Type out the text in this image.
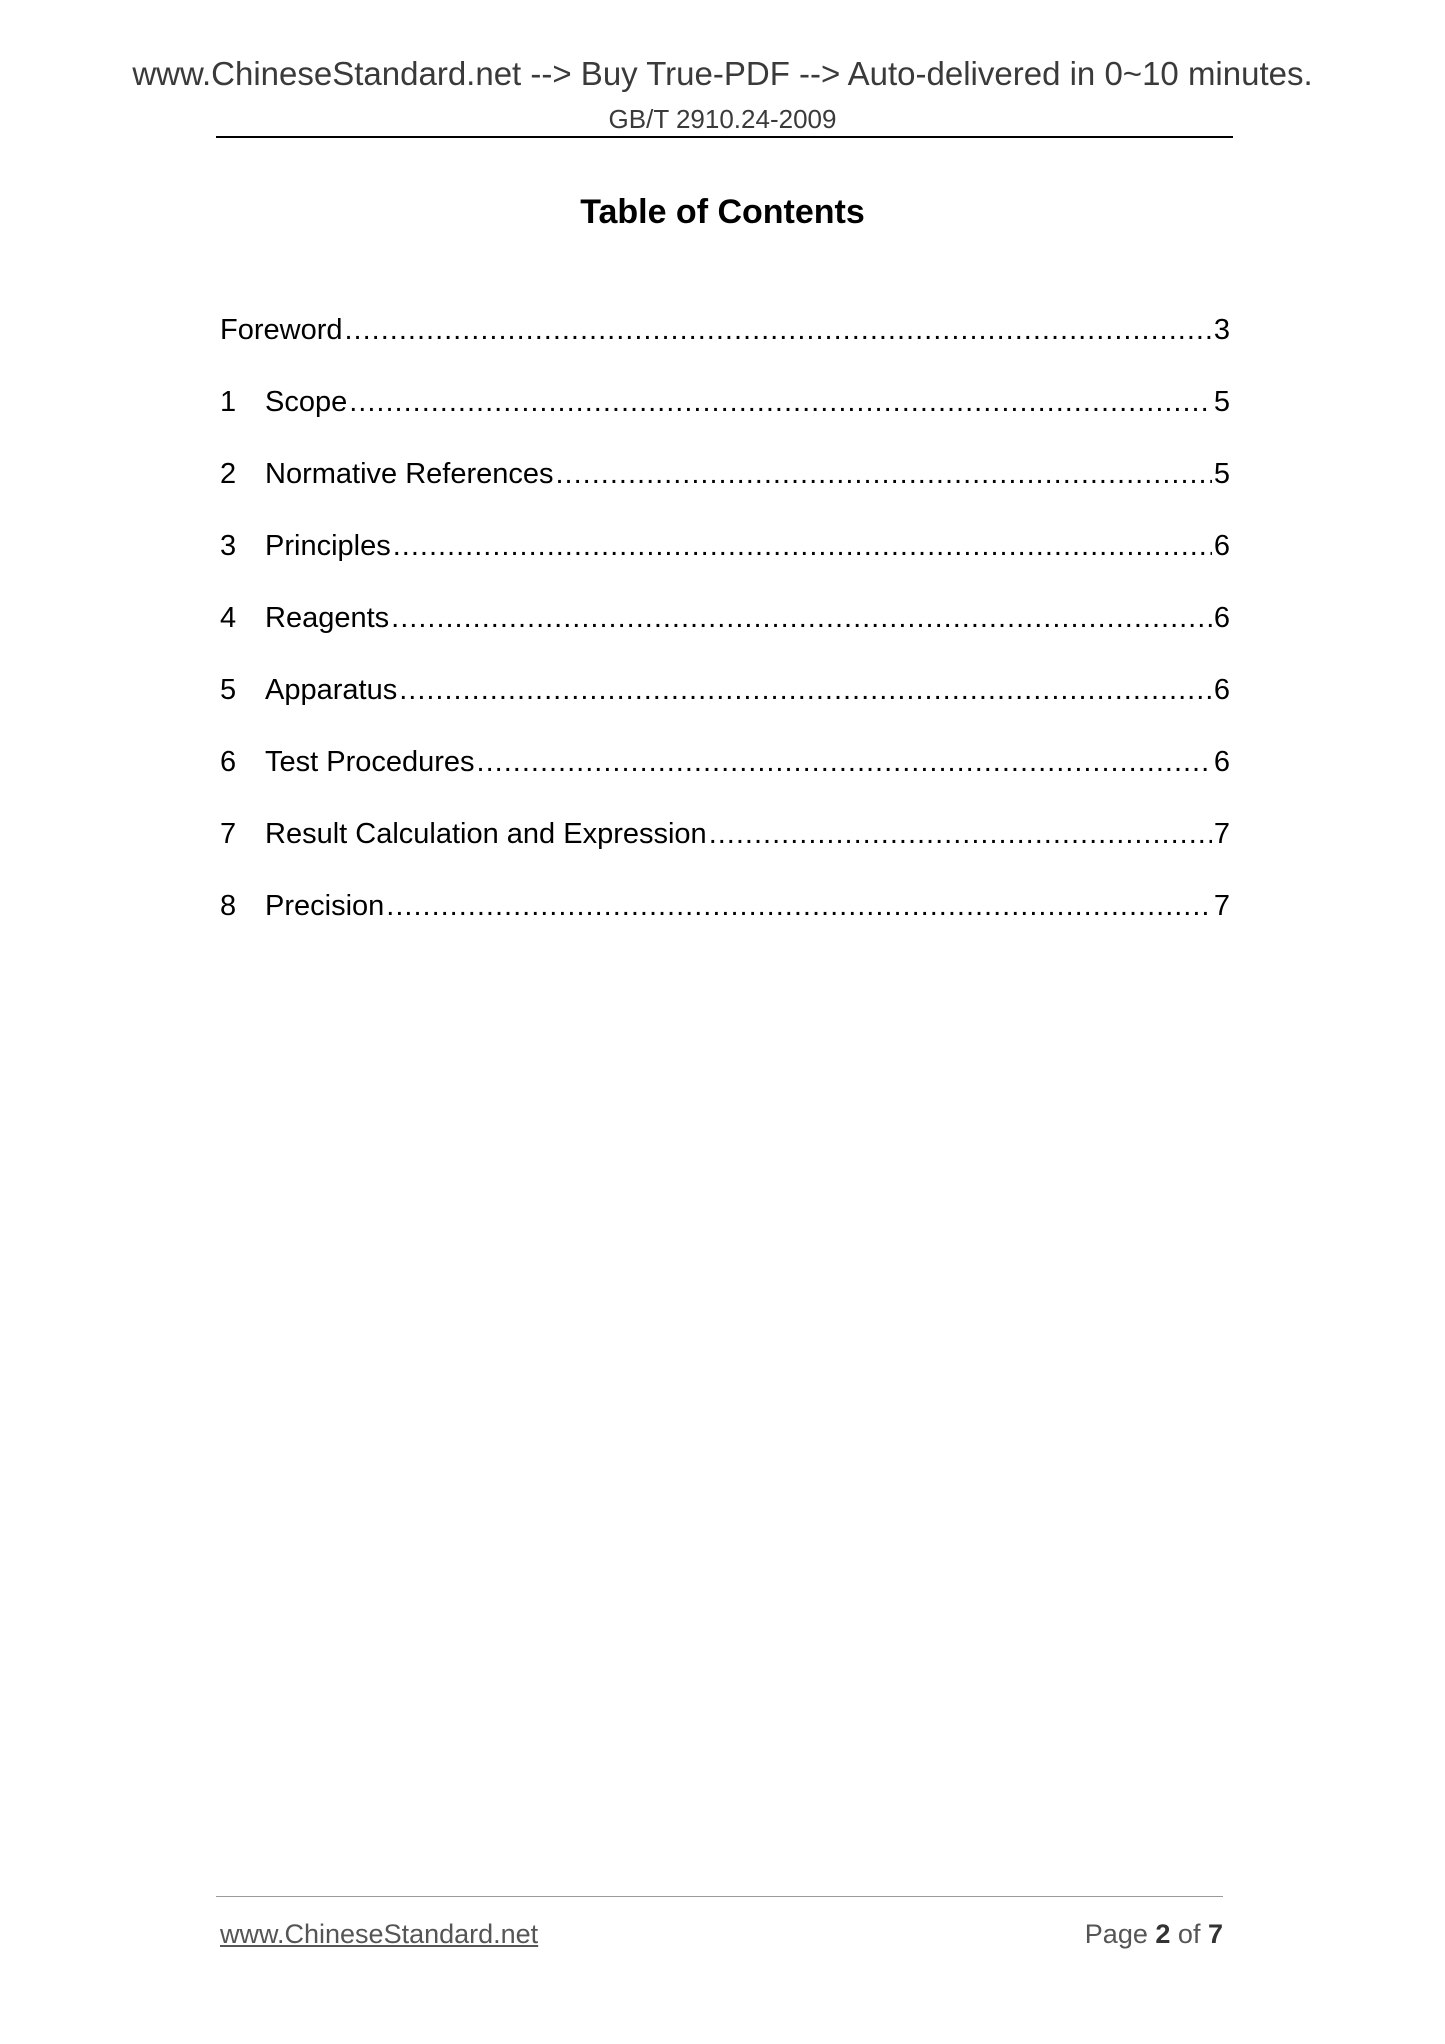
www.ChineseStandard.net --> Buy True-PDF --> Auto-delivered in 0~10 minutes.
GB/T 2910.24-2009
Table of Contents
Foreword .....	3
1 Scope .....	5
2 Normative References .....	5
3 Principles .....	6
4 Reagents .....	6
5 Apparatus .....	6
6 Test Procedures .....	6
7 Result Calculation and Expression .....	7
8 Precision .....	7
www.ChineseStandard.net	Page 2 of 7
